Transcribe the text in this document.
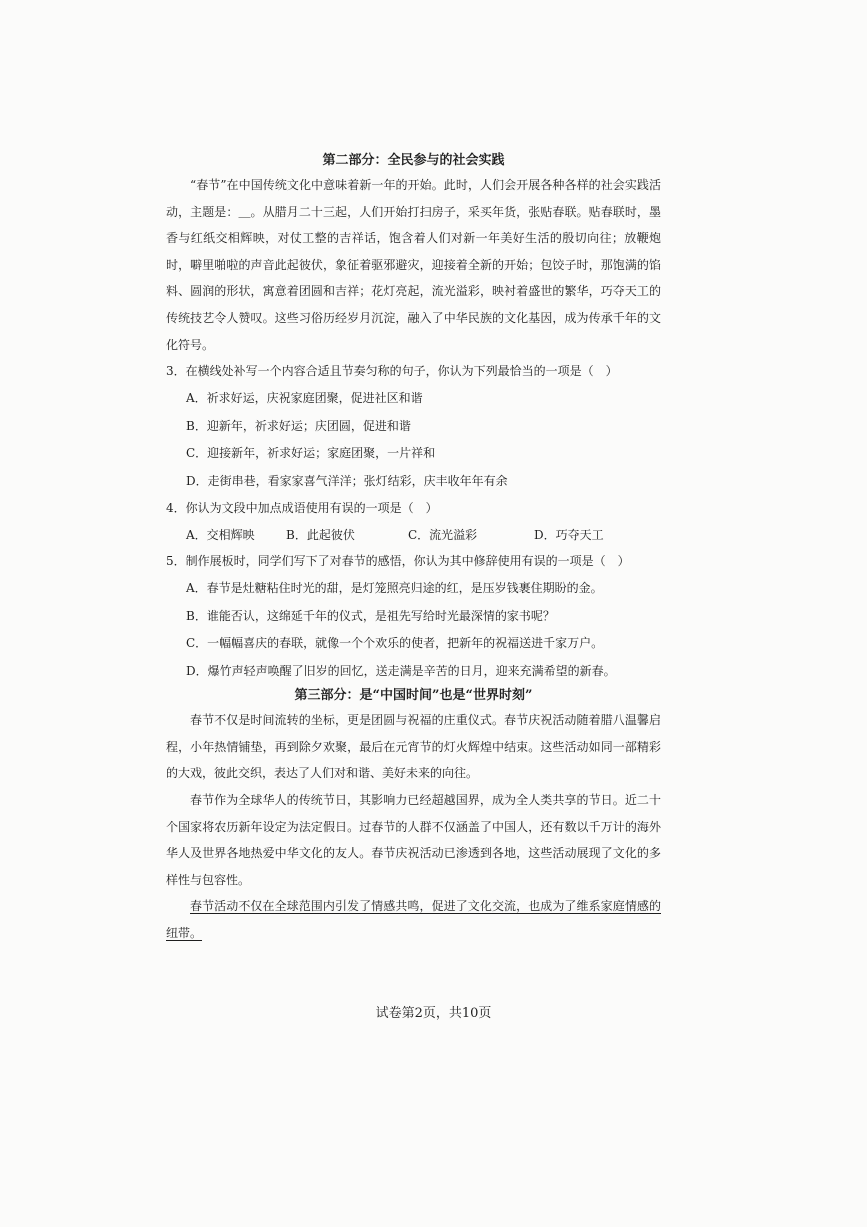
第二部分：全民参与的社会实践

“春节”在中国传统文化中意味着新一年的开始。此时，人们会开展各种各样的社会实践活动，主题是：＿。从腊月二十三起，人们开始打扫房子，采买年货，张贴春联。贴春联时，墨香与红纸交相辉映，对仗工整的吉祥话，饱含着人们对新一年美好生活的殷切向往；放鞭炮时，噼里啪啦的声音此起彼伏，象征着驱邪避灾，迎接着全新的开始；包饺子时，那饱满的馅料、圆润的形状，寓意着团圆和吉祥；花灯亮起，流光溢彩，映衬着盛世的繁华，巧夺天工的传统技艺令人赞叹。这些习俗历经岁月沉淀，融入了中华民族的文化基因，成为传承千年的文化符号。

3．在横线处补写一个内容合适且节奏匀称的句子，你认为下列最恰当的一项是（　）

A．祈求好运，庆祝家庭团聚，促进社区和谐

B．迎新年，祈求好运；庆团圆，促进和谐

C．迎接新年，祈求好运；家庭团聚，一片祥和

D．走街串巷，看家家喜气洋洋；张灯结彩，庆丰收年年有余

4．你认为文段中加点成语使用有误的一项是（　）

A．交相辉映	B．此起彼伏	C．流光溢彩	D．巧夺天工

5．制作展板时，同学们写下了对春节的感悟，你认为其中修辞使用有误的一项是（　）

A．春节是灶糖粘住时光的甜，是灯笼照亮归途的红，是压岁钱裹住期盼的金。

B．谁能否认，这绵延千年的仪式，是祖先写给时光最深情的家书呢？

C．一幅幅喜庆的春联，就像一个个欢乐的使者，把新年的祝福送进千家万户。

D．爆竹声轻声唤醒了旧岁的回忆，送走满是辛苦的日月，迎来充满希望的新春。

第三部分：是“中国时间”也是“世界时刻”

春节不仅是时间流转的坐标，更是团圆与祝福的庄重仪式。春节庆祝活动随着腊八温馨启程，小年热情铺垫，再到除夕欢聚，最后在元宵节的灯火辉煌中结束。这些活动如同一部精彩的大戏，彼此交织，表达了人们对和谐、美好未来的向往。

春节作为全球华人的传统节日，其影响力已经超越国界，成为全人类共享的节日。近二十个国家将农历新年设定为法定假日。过春节的人群不仅涵盖了中国人，还有数以千万计的海外华人及世界各地热爱中华文化的友人。春节庆祝活动已渗透到各地，这些活动展现了文化的多样性与包容性。

春节活动不仅在全球范围内引发了情感共鸣，促进了文化交流，也成为了维系家庭情感的纽带。

试卷第2页，共10页
